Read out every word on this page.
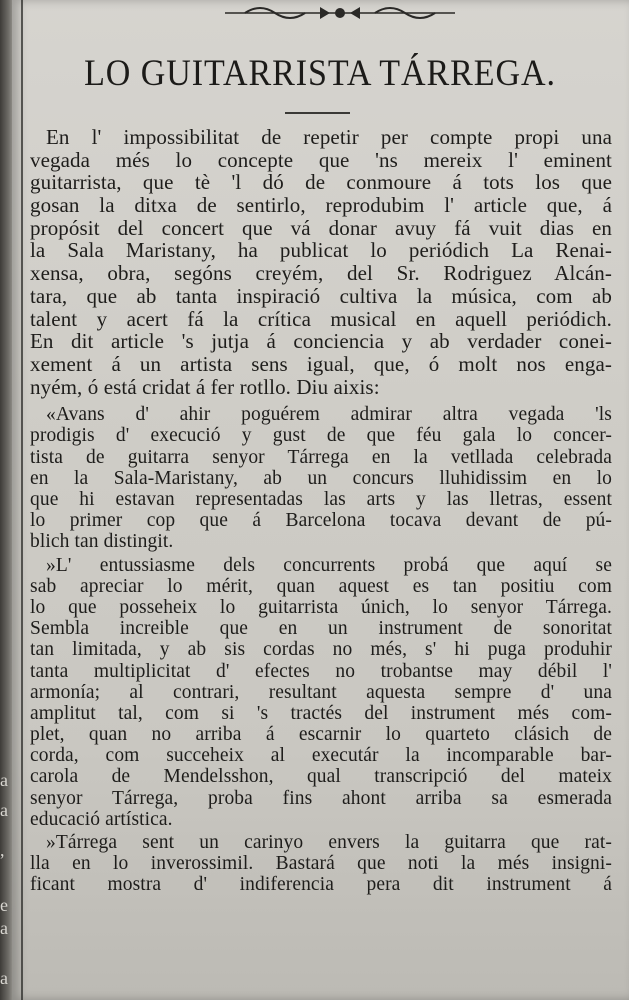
a
a
,
e
a
a
LO GUITARRISTA TÁRREGA.
En l' impossibilitat de repetir per compte propi una
vegada més lo concepte que 'ns mereix l' eminent
guitarrista, que tè 'l dó de conmoure á tots los que
gosan la ditxa de sentirlo, reprodubim l' article que, á
propósit del concert que vá donar avuy fá vuit dias en
la Sala Maristany, ha publicat lo periódich La Renai-
xensa, obra, segóns creyém, del Sr. Rodriguez Alcán-
tara, que ab tanta inspiració cultiva la música, com ab
talent y acert fá la crítica musical en aquell periódich.
En dit article 's jutja á conciencia y ab verdader conei-
xement á un artista sens igual, que, ó molt nos enga-
nyém, ó está cridat á fer rotllo. Diu aixis:
«Avans d' ahir poguérem admirar altra vegada 'ls
prodigis d' execució y gust de que féu gala lo concer-
tista de guitarra senyor Tárrega en la vetllada celebrada
en la Sala-Maristany, ab un concurs lluhidissim en lo
que hi estavan representadas las arts y las lletras, essent
lo primer cop que á Barcelona tocava devant de pú-
blich tan distingit.
»L' entussiasme dels concurrents probá que aquí se
sab apreciar lo mérit, quan aquest es tan positiu com
lo que posseheix lo guitarrista únich, lo senyor Tárrega.
Sembla increible que en un instrument de sonoritat
tan limitada, y ab sis cordas no més, s' hi puga produhir
tanta multiplicitat d' efectes no trobantse may débil l'
armonía; al contrari, resultant aquesta sempre d' una
amplitut tal, com si 's tractés del instrument més com-
plet, quan no arriba á escarnir lo quarteto clásich de
corda, com succeheix al executár la incomparable bar-
carola de Mendelsshon, qual transcripció del mateix
senyor Tárrega, proba fins ahont arriba sa esmerada
educació artística.
»Tárrega sent un carinyo envers la guitarra que rat-
lla en lo inverossimil. Bastará que noti la més insigni-
ficant mostra d' indiferencia pera dit instrument á
